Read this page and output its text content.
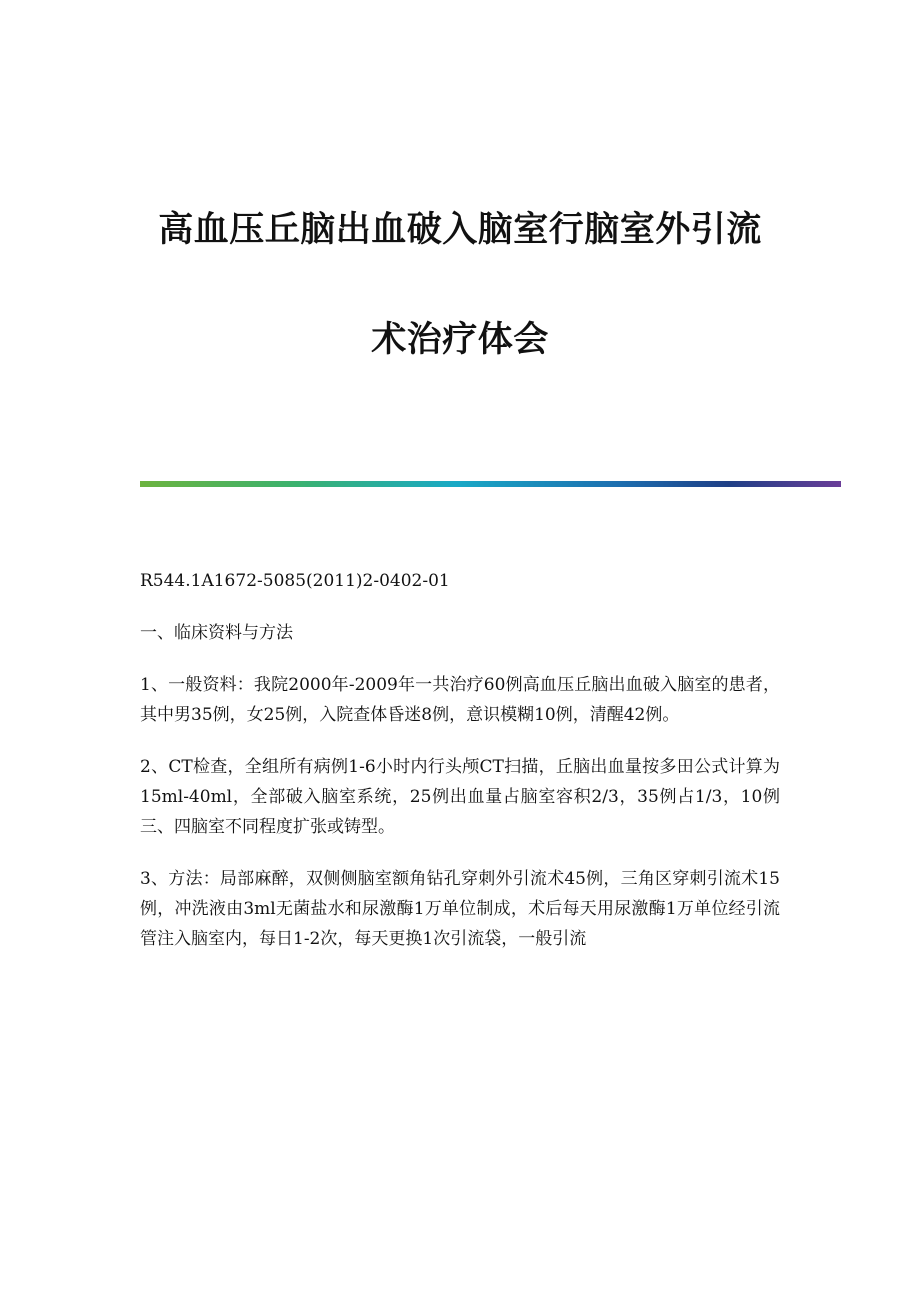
高血压丘脑出血破入脑室行脑室外引流
术治疗体会

R544.1A1672-5085(2011)2-0402-01

一、临床资料与方法

1、一般资料：我院2000年-2009年一共治疗60例高血压丘脑出血破入脑室的患者，其中男35例，女25例，入院查体昏迷8例，意识模糊10例，清醒42例。

2、CT检查，全组所有病例1-6小时内行头颅CT扫描，丘脑出血量按多田公式计算为15ml-40ml，全部破入脑室系统，25例出血量占脑室容积2/3，35例占1/3，10例三、四脑室不同程度扩张或铸型。

3、方法：局部麻醉，双侧侧脑室额角钻孔穿刺外引流术45例，三角区穿刺引流术15例，冲洗液由3ml无菌盐水和尿激酶1万单位制成，术后每天用尿激酶1万单位经引流管注入脑室内，每日1-2次，每天更换1次引流袋，一般引流
